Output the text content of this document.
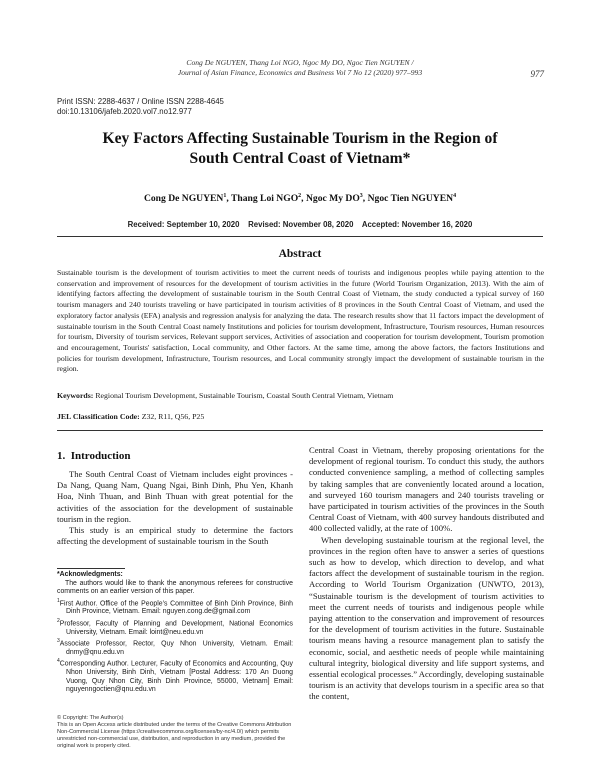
Cong De NGUYEN, Thang Loi NGO, Ngoc My DO, Ngoc Tien NGUYEN /
Journal of Asian Finance, Economics and Business Vol 7 No 12 (2020) 977–993	977
Print ISSN: 2288-4637 / Online ISSN 2288-4645
doi:10.13106/jafeb.2020.vol7.no12.977
Key Factors Affecting Sustainable Tourism in the Region of
South Central Coast of Vietnam*
Cong De NGUYEN$^1$, Thang Loi NGO$^2$, Ngoc My $DO^3$, Ngoc Tien NGUYEN$^4$
Received: September 10, 2020    Revised: November 08, 2020    Accepted: November 16, 2020
Abstract
Sustainable tourism is the development of tourism activities to meet the current needs of tourists and indigenous peoples while paying attention to the conservation and improvement of resources for the development of tourism activities in the future (World Tourism Organization, 2013). With the aim of identifying factors affecting the development of sustainable tourism in the South Central Coast of Vietnam, the study conducted a typical survey of 160 tourism managers and 240 tourists traveling or have participated in tourism activities of 8 provinces in the South Central Coast of Vietnam, and used the exploratory factor analysis (EFA) analysis and regression analysis for analyzing the data. The research results show that 11 factors impact the development of sustainable tourism in the South Central Coast namely Institutions and policies for tourism development, Infrastructure, Tourism resources, Human resources for tourism, Diversity of tourism services, Relevant support services, Activities of association and cooperation for tourism development, Tourism promotion and encouragement, Tourists' satisfaction, Local community, and Other factors. At the same time, among the above factors, the factors Institutions and policies for tourism development, Infrastructure, Tourism resources, and Local community strongly impact the development of sustainable tourism in the region.
Keywords: Regional Tourism Development, Sustainable Tourism, Coastal South Central Vietnam, Vietnam
JEL Classification Code: Z32, R11, Q56, P25
1.  Introduction

The South Central Coast of Vietnam includes eight provinces - Da Nang, Quang Nam, Quang Ngai, Binh Dinh, Phu Yen, Khanh Hoa, Ninh Thuan, and Binh Thuan with great potential for the activities of the association for the development of sustainable tourism in the region.

This study is an empirical study to determine the factors affecting the development of sustainable tourism in the South

Central Coast in Vietnam, thereby proposing orientations for the development of regional tourism. To conduct this study, the authors conducted convenience sampling, a method of collecting samples by taking samples that are conveniently located around a location, and surveyed 160 tourism managers and 240 tourists traveling or have participated in tourism activities of the provinces in the South Central Coast of Vietnam, with 400 survey handouts distributed and 400 collected validly, at the rate of 100%.

When developing sustainable tourism at the regional level, the provinces in the region often have to answer a series of questions such as how to develop, which direction to develop, and what factors affect the development of sustainable tourism in the region. According to World Tourism Organization (UNWTO, 2013), “Sustainable tourism is the development of tourism activities to meet the current needs of tourists and indigenous people while paying attention to the conservation and improvement of resources for the development of tourism activities in the future. Sustainable tourism means having a resource management plan to satisfy the economic, social, and aesthetic needs of people while maintaining cultural integrity, biological diversity and life support systems, and essential ecological processes.” Accordingly, developing sustainable tourism is an activity that develops tourism in a specific area so that the content,

*Acknowledgments:

The authors would like to thank the anonymous referees for constructive comments on an earlier version of this paper.

$^1$First Author. Office of the People’s Committee of Binh Dinh Province, Binh Dinh Province, Vietnam. Email: nguyen.cong.de@gmail.com

$^2$Professor, Faculty of Planning and Development, National Economics University, Vietnam. Email: loint@neu.edu.vn

$^3$Associate Professor, Rector, Quy Nhon University, Vietnam. Email: dnmy@qnu.edu.vn

$^4$Corresponding Author. Lecturer, Faculty of Economics and Accounting, Quy Nhon University, Binh Dinh, Vietnam [Postal Address: 170 An Duong Vuong, Quy Nhon City, Binh Dinh Province, 55000, Vietnam] Email: nguyenngoctien@qnu.edu.vn

© Copyright: The Author(s)
This is an Open Access article distributed under the terms of the Creative Commons Attribution Non-Commercial License (https://creativecommons.org/licenses/by-nc/4.0/) which permits unrestricted non-commercial use, distribution, and reproduction in any medium, provided the original work is properly cited.
